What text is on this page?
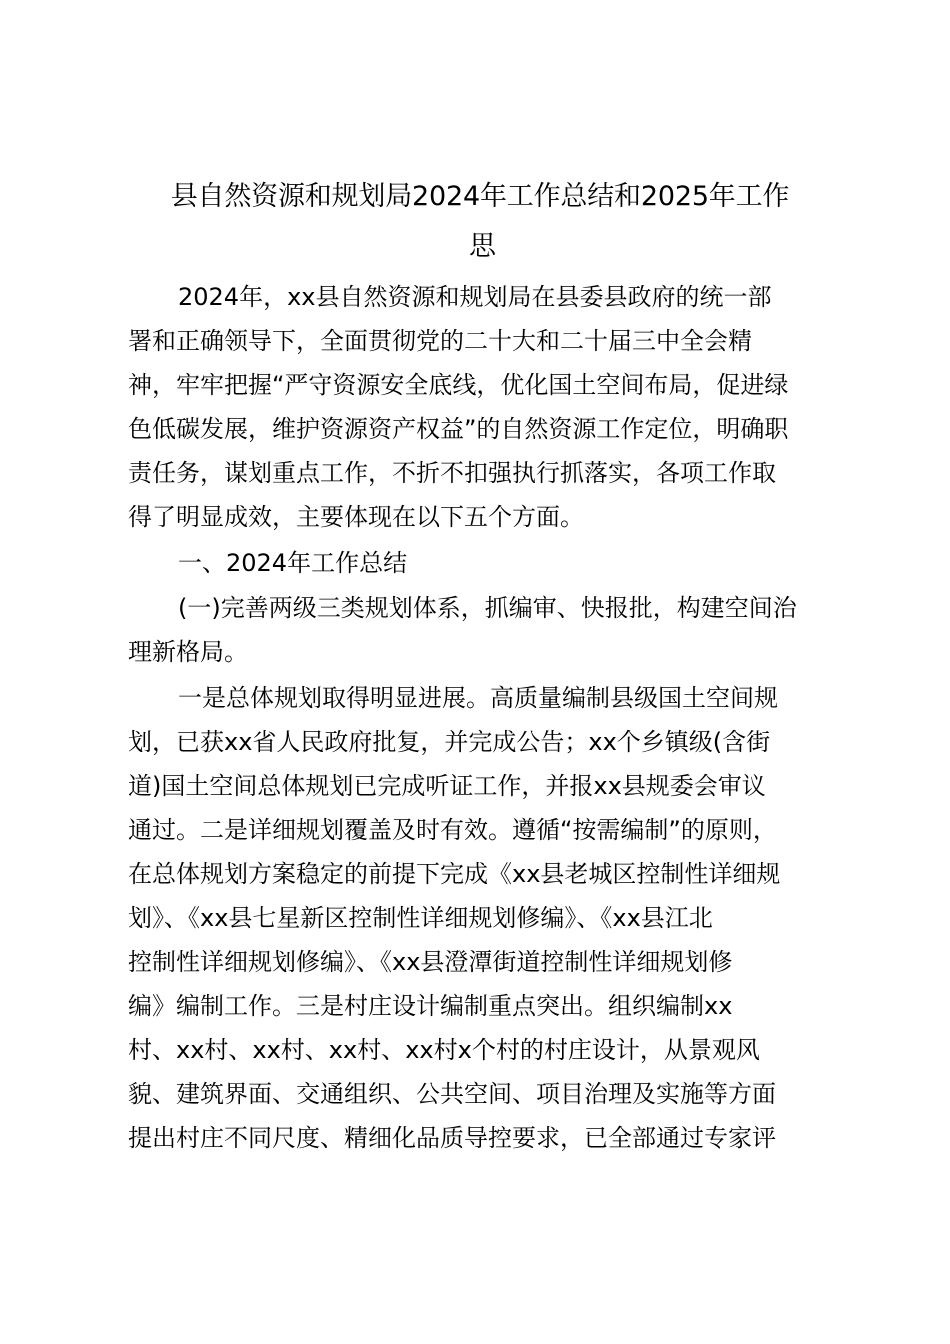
县自然资源和规划局2024年工作总结和2025年工作
思
2024年，xx县自然资源和规划局在县委县政府的统一部
署和正确领导下，全面贯彻党的二十大和二十届三中全会精
神，牢牢把握“严守资源安全底线，优化国土空间布局，促进绿
色低碳发展，维护资源资产权益”的自然资源工作定位，明确职
责任务，谋划重点工作，不折不扣强执行抓落实，各项工作取
得了明显成效，主要体现在以下五个方面。
一、2024年工作总结
(一)完善两级三类规划体系，抓编审、快报批，构建空间治
理新格局。
一是总体规划取得明显进展。高质量编制县级国土空间规
划，已获xx省人民政府批复，并完成公告；xx个乡镇级(含街
道)国土空间总体规划已完成听证工作，并报xx县规委会审议
通过。二是详细规划覆盖及时有效。遵循“按需编制”的原则，
在总体规划方案稳定的前提下完成《xx县老城区控制性详细规
划》、《xx县七星新区控制性详细规划修编》、《xx县江北
控制性详细规划修编》、《xx县澄潭街道控制性详细规划修
编》编制工作。三是村庄设计编制重点突出。组织编制xx
村、xx村、xx村、xx村、xx村x个村的村庄设计，从景观风
貌、建筑界面、交通组织、公共空间、项目治理及实施等方面
提出村庄不同尺度、精细化品质导控要求，已全部通过专家评
